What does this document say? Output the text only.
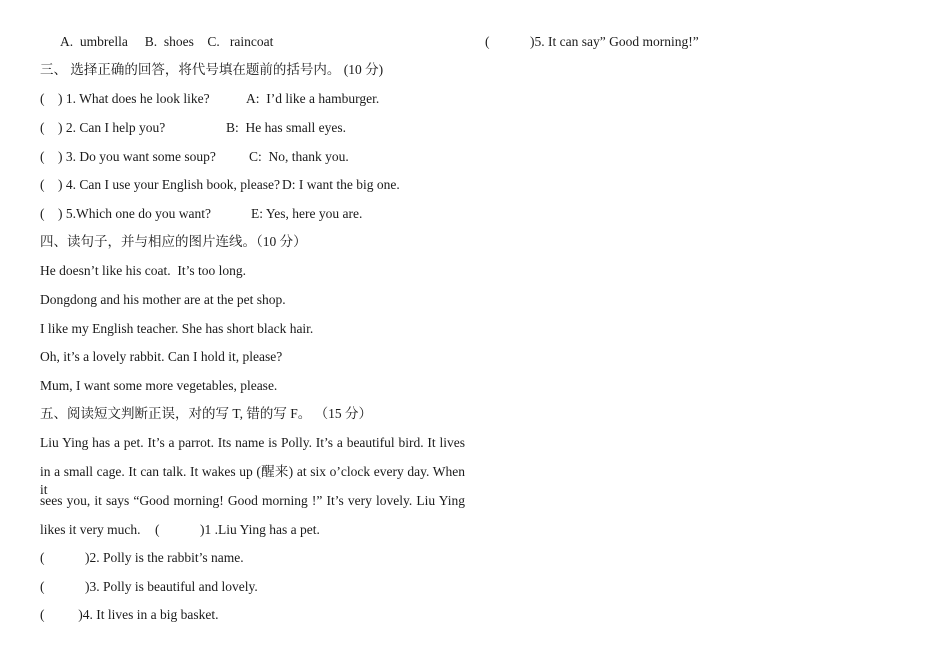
A.  umbrella     B.  shoes    C.   raincoat	(	)5. It can say” Good morning!”
三、 选择正确的回答，将代号填在题前的括号内。 (10 分)
(    ) 1. What does he look like?	A:  I’d like a hamburger.
(    ) 2. Can I help you?	B:  He has small eyes.
(    ) 3. Do you want some soup? C:  No, thank you.
(    ) 4. Can I use your English book, please? D: I want the big one.
(    ) 5.Which one do you want?	E: Yes, here you are.
四、读句子，并与相应的图片连线。（10 分）
He doesn’t like his coat.  It’s too long.
Dongdong and his mother are at the pet shop.
I like my English teacher. She has short black hair.
Oh, it’s a lovely rabbit. Can I hold it, please?
Mum, I want some more vegetables, please.
五、阅读短文判断正误，对的写 T, 错的写 F。 （15 分）
Liu Ying has a pet. It’s a parrot. Its name is Polly. It’s a beautiful bird. It lives
in a small cage. It can talk. It wakes up (醒来) at six o’clock every day. When it
sees you, it says “Good morning! Good morning !” It’s very lovely. Liu Ying
likes it very much. (            )1 .Liu Ying has a pet.
(            )2. Polly is the rabbit’s name.
(            )3. Polly is beautiful and lovely.
(          )4. It lives in a big basket.
